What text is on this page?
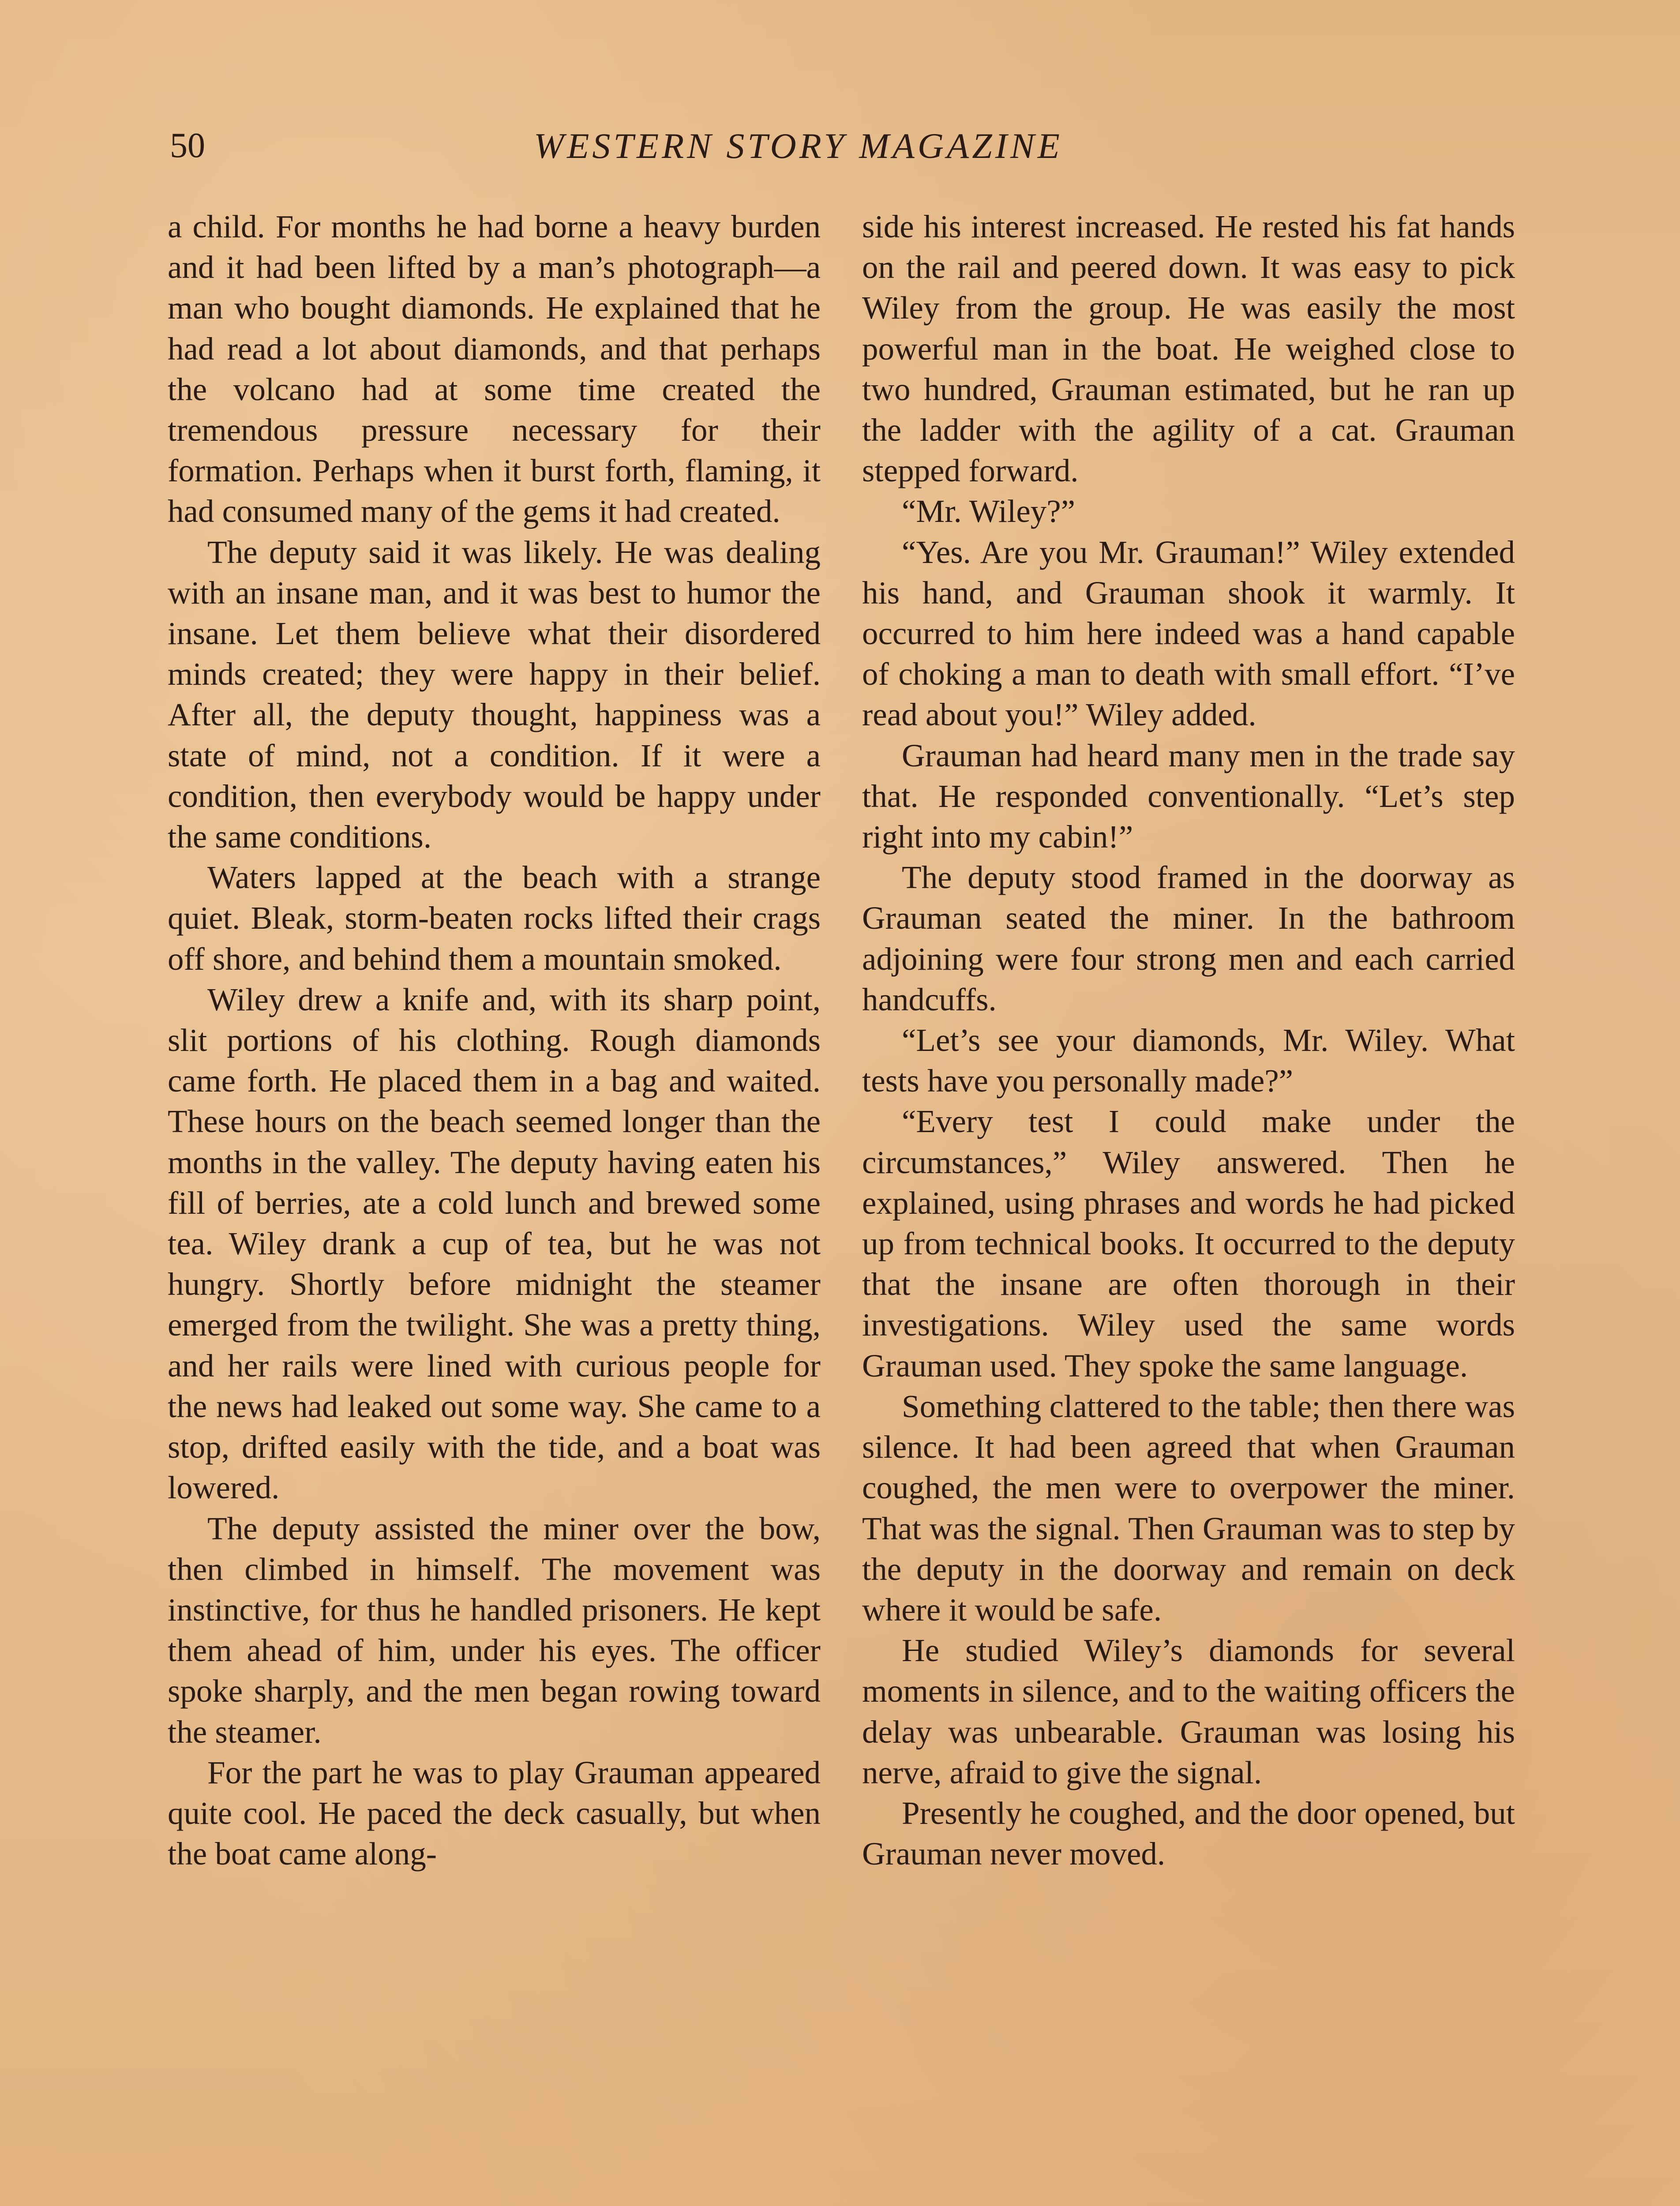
50	WESTERN STORY MAGAZINE

a child. For months he had borne a heavy burden and it had been lifted by a man’s photograph—a man who bought diamonds. He explained that he had read a lot about diamonds, and that perhaps the volcano had at some time created the tremendous pressure necessary for their formation. Perhaps when it burst forth, flaming, it had consumed many of the gems it had created.

The deputy said it was likely. He was dealing with an insane man, and it was best to humor the insane. Let them believe what their disordered minds created; they were happy in their belief. After all, the deputy thought, happiness was a state of mind, not a condition. If it were a condition, then everybody would be happy under the same conditions.

Waters lapped at the beach with a strange quiet. Bleak, storm-beaten rocks lifted their crags off shore, and behind them a mountain smoked.

Wiley drew a knife and, with its sharp point, slit portions of his clothing. Rough diamonds came forth. He placed them in a bag and waited. These hours on the beach seemed longer than the months in the valley. The deputy having eaten his fill of berries, ate a cold lunch and brewed some tea. Wiley drank a cup of tea, but he was not hungry. Shortly before midnight the steamer emerged from the twilight. She was a pretty thing, and her rails were lined with curious people for the news had leaked out some way. She came to a stop, drifted easily with the tide, and a boat was lowered.

The deputy assisted the miner over the bow, then climbed in himself. The movement was instinctive, for thus he handled prisoners. He kept them ahead of him, under his eyes. The officer spoke sharply, and the men began rowing toward the steamer.

For the part he was to play Grauman appeared quite cool. He paced the deck casually, but when the boat came along-

side his interest increased. He rested his fat hands on the rail and peered down. It was easy to pick Wiley from the group. He was easily the most powerful man in the boat. He weighed close to two hundred, Grauman estimated, but he ran up the ladder with the agility of a cat. Grauman stepped forward.

“Mr. Wiley?”

“Yes. Are you Mr. Grauman!” Wiley extended his hand, and Grauman shook it warmly. It occurred to him here indeed was a hand capable of choking a man to death with small effort. “I’ve read about you!” Wiley added.

Grauman had heard many men in the trade say that. He responded conventionally. “Let’s step right into my cabin!”

The deputy stood framed in the doorway as Grauman seated the miner. In the bathroom adjoining were four strong men and each carried handcuffs.

“Let’s see your diamonds, Mr. Wiley. What tests have you personally made?”

“Every test I could make under the circumstances,” Wiley answered. Then he explained, using phrases and words he had picked up from technical books. It occurred to the deputy that the insane are often thorough in their investigations. Wiley used the same words Grauman used. They spoke the same language.

Something clattered to the table; then there was silence. It had been agreed that when Grauman coughed, the men were to overpower the miner. That was the signal. Then Grauman was to step by the deputy in the doorway and remain on deck where it would be safe.

He studied Wiley’s diamonds for several moments in silence, and to the waiting officers the delay was unbearable. Grauman was losing his nerve, afraid to give the signal.

Presently he coughed, and the door opened, but Grauman never moved.
